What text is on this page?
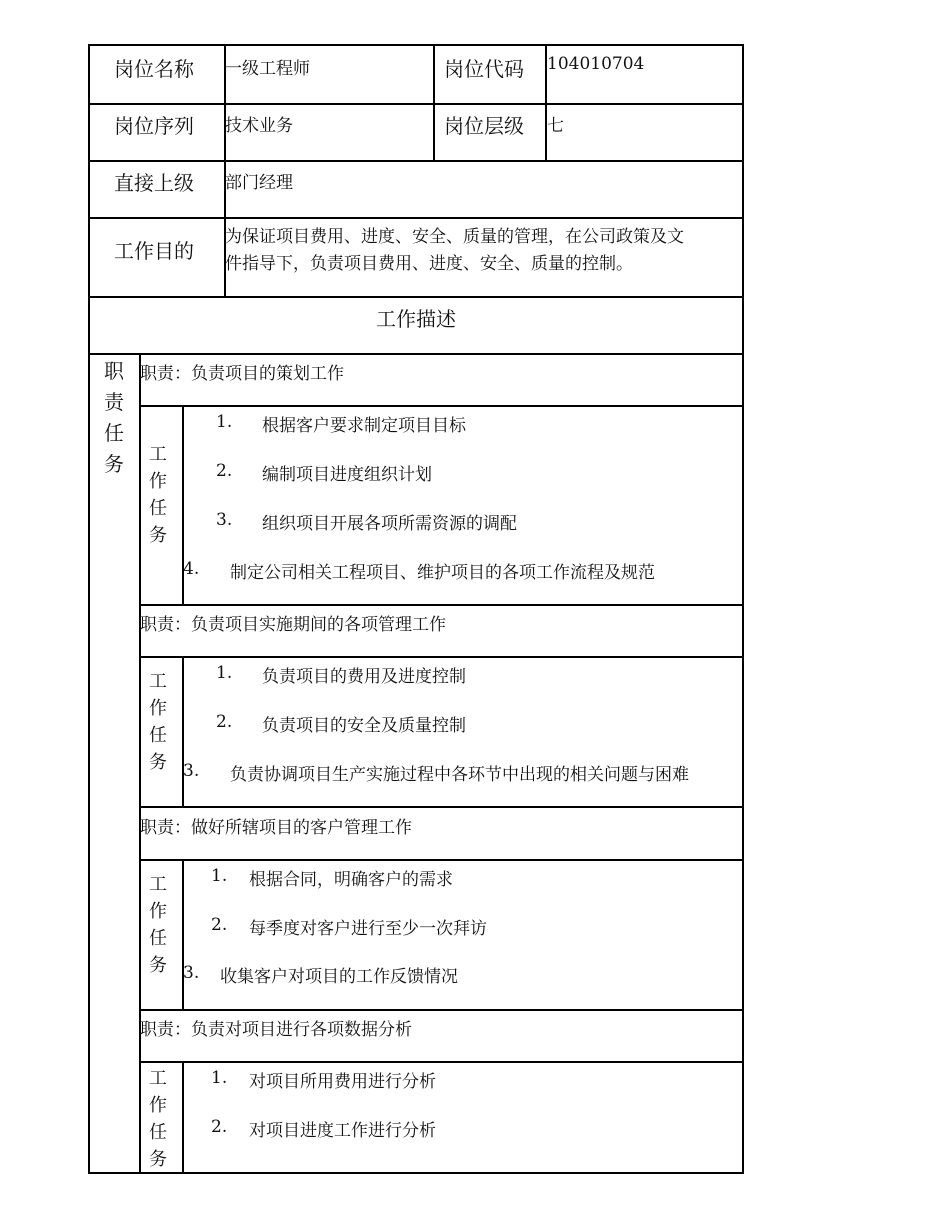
岗位名称 一级工程师	岗位代码 104010704
岗位序列 技术业务	岗位层级 七
直接上级 部门经理
工作目的
为保证项目费用、进度、安全、质量的管理，在公司政策及文
件指导下，负责项目费用、进度、安全、质量的控制。
工作描述
职
责
任
务
职责：负责项目的策划工作
工
作
任
务
1. 根据客户要求制定项目目标
2. 编制项目进度组织计划
3. 组织项目开展各项所需资源的调配
4. 制定公司相关工程项目、维护项目的各项工作流程及规范
职责：负责项目实施期间的各项管理工作
工
作
任
务
1. 负责项目的费用及进度控制
2. 负责项目的安全及质量控制
3. 负责协调项目生产实施过程中各环节中出现的相关问题与困难
职责：做好所辖项目的客户管理工作
工
作
任
务
1. 根据合同，明确客户的需求
2. 每季度对客户进行至少一次拜访
3. 收集客户对项目的工作反馈情况
职责：负责对项目进行各项数据分析
工
作
任
务
1. 对项目所用费用进行分析
2. 对项目进度工作进行分析
